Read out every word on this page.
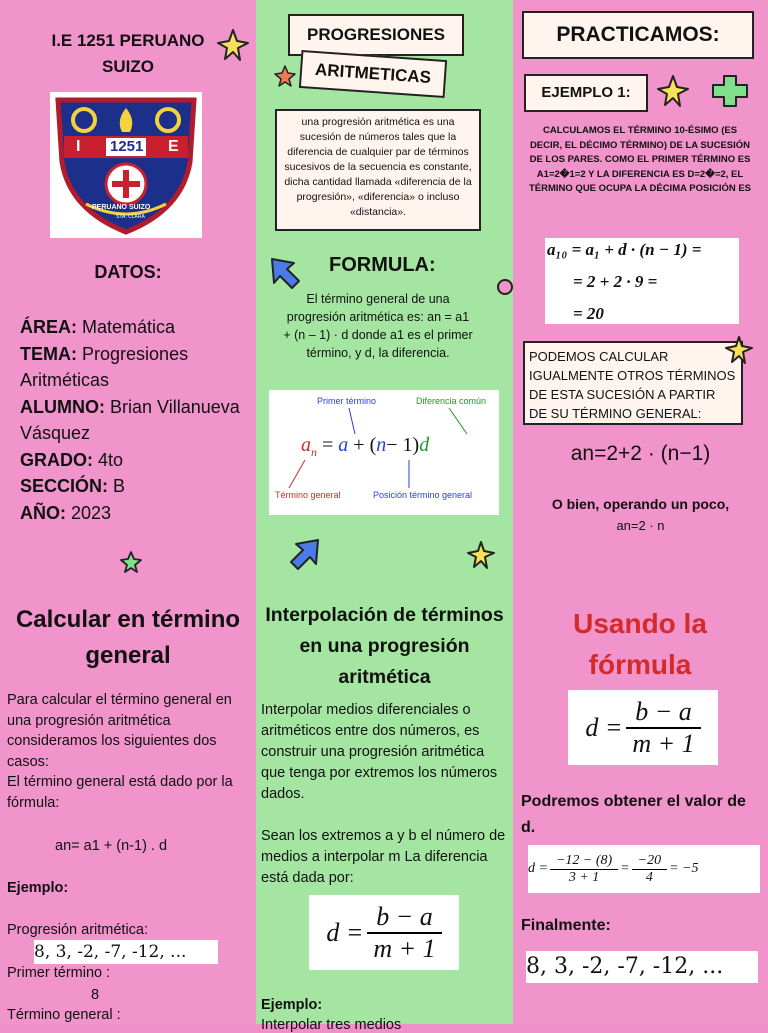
I.E 1251 PERUANO SUIZO
I	E
1251
PERUANO SUIZO
STA. CLARA
DATOS:
ÁREA: Matemática
TEMA: Progresiones Aritméticas
ALUMNO: Brian Villanueva Vásquez
GRADO: 4to
SECCIÓN: B
AÑO: 2023
PROGRESIONES
ARITMETICAS
una progresión aritmética es una sucesión de números tales que la diferencia de cualquier par de términos sucesivos de la secuencia es constante, dicha cantidad llamada «diferencia de la progresión», «diferencia» o incluso «distancia».
FORMULA:
El término general de una progresión aritmética es: an = a1 + (n – 1) · d donde a1 es el primer término, y d, la diferencia.
Primer término	Diferencia común
$a_n = a + (n- 1)d$
Término general	Posición término general
PRACTICAMOS:
EJEMPLO 1:
CALCULAMOS EL TÉRMINO 10-ÉSIMO (ES DECIR, EL DÉCIMO TÉRMINO) DE LA SUCESIÓN DE LOS PARES. COMO EL PRIMER TÉRMINO ES A1=2�1=2 Y LA DIFERENCIA ES D=2�=2, EL TÉRMINO QUE OCUPA LA DÉCIMA POSICIÓN ES
a₁₀ = a₁ + d · (n − 1) =
= 2 + 2 · 9 =
= 20
PODEMOS CALCULAR IGUALMENTE OTROS TÉRMINOS DE ESTA SUCESIÓN A PARTIR DE SU TÉRMINO GENERAL:
an=2+2 · (n−1)
O bien, operando un poco,
an=2 · n
Calcular en término general
Para calcular el término general en una progresión aritmética consideramos los siguientes dos casos:
El término general está dado por la fórmula:
an= a1 + (n-1) . d
Ejemplo:
Progresión aritmética:
8, 3, -2, -7, -12, ...
Primer término :
8
Término general :
Interpolación de términos en una progresión aritmética
Interpolar medios diferenciales o aritméticos entre dos números, es construir una progresión aritmética que tenga por extremos los números dados.

Sean los extremos a y b el número de medios a interpolar m La diferencia está dada por:
$d = \frac{b - a}{m + 1}$
Ejemplo:
Interpolar tres medios
Usando la fórmula
$d = \frac{b - a}{m + 1}$
Podremos obtener el valor de d.
$d = \frac{-12 - (8)}{3 + 1} = \frac{-20}{4} = -5$
Finalmente:
8, 3, -2, -7, -12, ...
